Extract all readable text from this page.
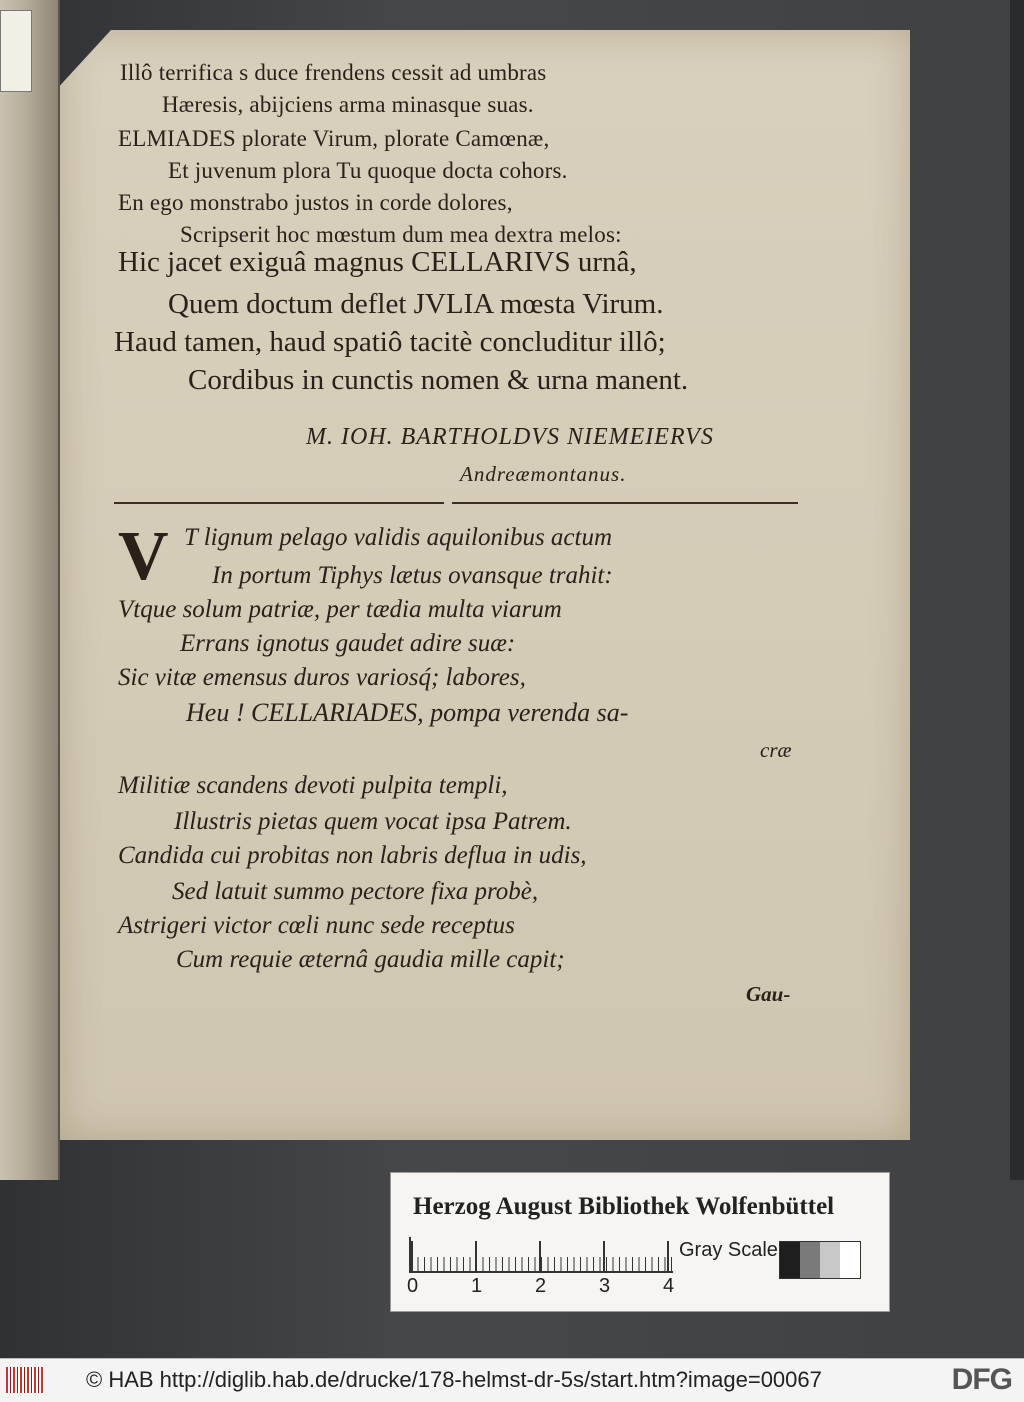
Illô terrifica s duce frendens cessit ad umbras
Hæresis, abijciens arma minasque suas.
ELMIADES plorate Virum, plorate Camœnæ,
Et juvenum plora Tu quoque docta cohors.
En ego monstrabo justos in corde dolores,
Scripserit hoc mœstum dum mea dextra melos:
Hic jacet exiguâ magnus CELLARIVS urnâ,
Quem doctum deflet JVLIA mœsta Virum.
Haud tamen, haud spatiô tacitè concluditur illô;
Cordibus in cunctis nomen & urna manent.
M. IOH. BARTHOLDVS NIEMEIERVS
Andreæmontanus.
V T lignum pelago validis aquilonibus actum
In portum Tiphys lætus ovansque trahit:
Vtque solum patriæ, per tædia multa viarum
Errans ignotus gaudet adire suæ:
Sic vitæ emensus duros variosq́; labores,
Heu ! CELLARIADES, pompa verenda sa-
cræ
Militiæ scandens devoti pulpita templi,
Illustris pietas quem vocat ipsa Patrem.
Candida cui probitas non labris deflua in udis,
Sed latuit summo pectore fixa probè,
Astrigeri victor cœli nunc sede receptus
Cum requie æternâ gaudia mille capit;
Gau-
Herzog August Bibliothek Wolfenbüttel
0	1	2	3	4
Gray Scale
© HAB http://diglib.hab.de/drucke/178-helmst-dr-5s/start.htm?image=00067	DFG
